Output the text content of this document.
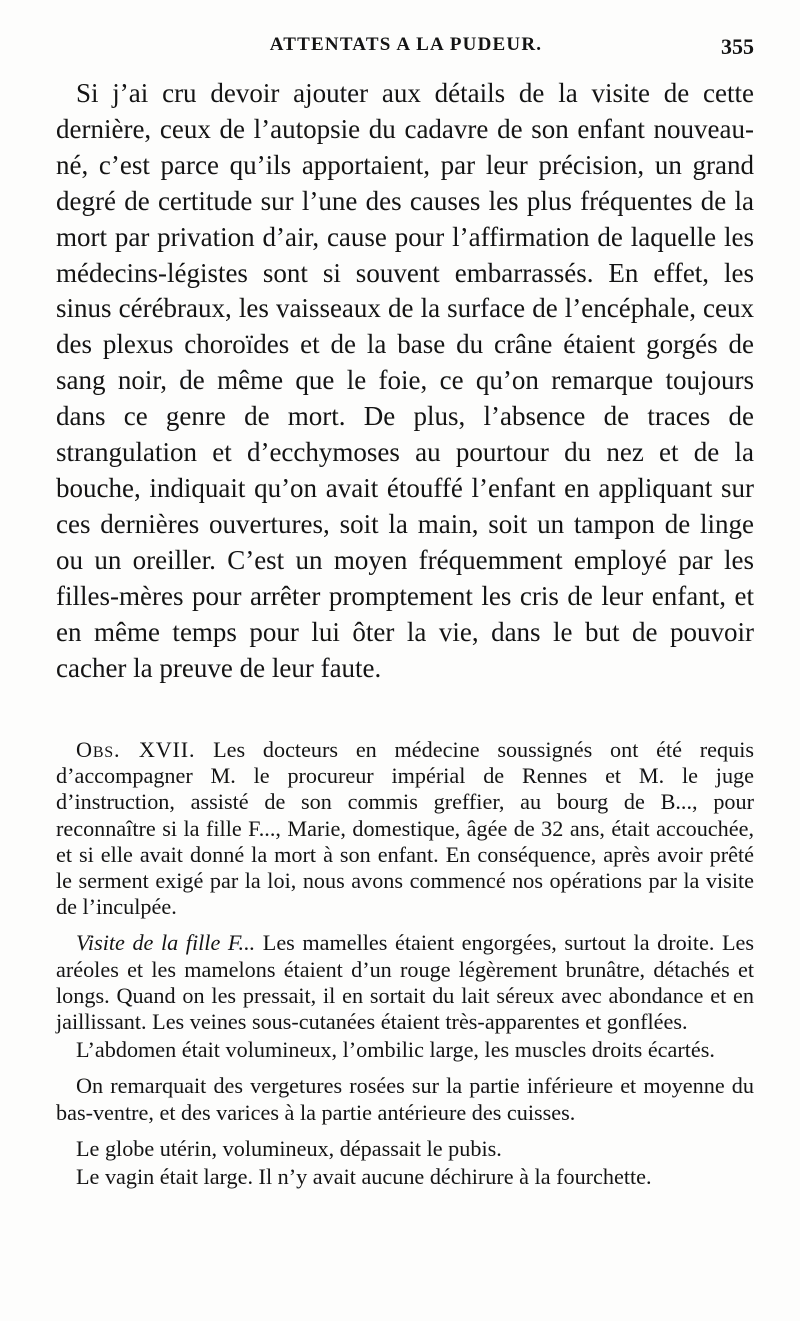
ATTENTATS A LA PUDEUR.	355

Si j’ai cru devoir ajouter aux détails de la visite de cette dernière, ceux de l’autopsie du cadavre de son enfant nouveau-né, c’est parce qu’ils apportaient, par leur précision, un grand degré de certitude sur l’une des causes les plus fréquentes de la mort par privation d’air, cause pour l’affirmation de laquelle les médecins-légistes sont si souvent embarrassés. En effet, les sinus cérébraux, les vaisseaux de la surface de l’encéphale, ceux des plexus choroïdes et de la base du crâne étaient gorgés de sang noir, de même que le foie, ce qu’on remarque toujours dans ce genre de mort. De plus, l’absence de traces de strangulation et d’ecchymoses au pourtour du nez et de la bouche, indiquait qu’on avait étouffé l’enfant en appliquant sur ces dernières ouvertures, soit la main, soit un tampon de linge ou un oreiller. C’est un moyen fréquemment employé par les filles-mères pour arrêter promptement les cris de leur enfant, et en même temps pour lui ôter la vie, dans le but de pouvoir cacher la preuve de leur faute.

Obs. XVII. Les docteurs en médecine soussignés ont été requis d’accompagner M. le procureur impérial de Rennes et M. le juge d’instruction, assisté de son commis greffier, au bourg de B..., pour reconnaître si la fille F..., Marie, domestique, âgée de 32 ans, était accouchée, et si elle avait donné la mort à son enfant. En conséquence, après avoir prêté le serment exigé par la loi, nous avons commencé nos opérations par la visite de l’inculpée.

Visite de la fille F... Les mamelles étaient engorgées, surtout la droite. Les aréoles et les mamelons étaient d’un rouge légèrement brunâtre, détachés et longs. Quand on les pressait, il en sortait du lait séreux avec abondance et en jaillissant. Les veines sous-cutanées étaient très-apparentes et gonflées.

L’abdomen était volumineux, l’ombilic large, les muscles droits écartés.

On remarquait des vergetures rosées sur la partie inférieure et moyenne du bas-ventre, et des varices à la partie antérieure des cuisses.

Le globe utérin, volumineux, dépassait le pubis.

Le vagin était large. Il n’y avait aucune déchirure à la fourchette.
